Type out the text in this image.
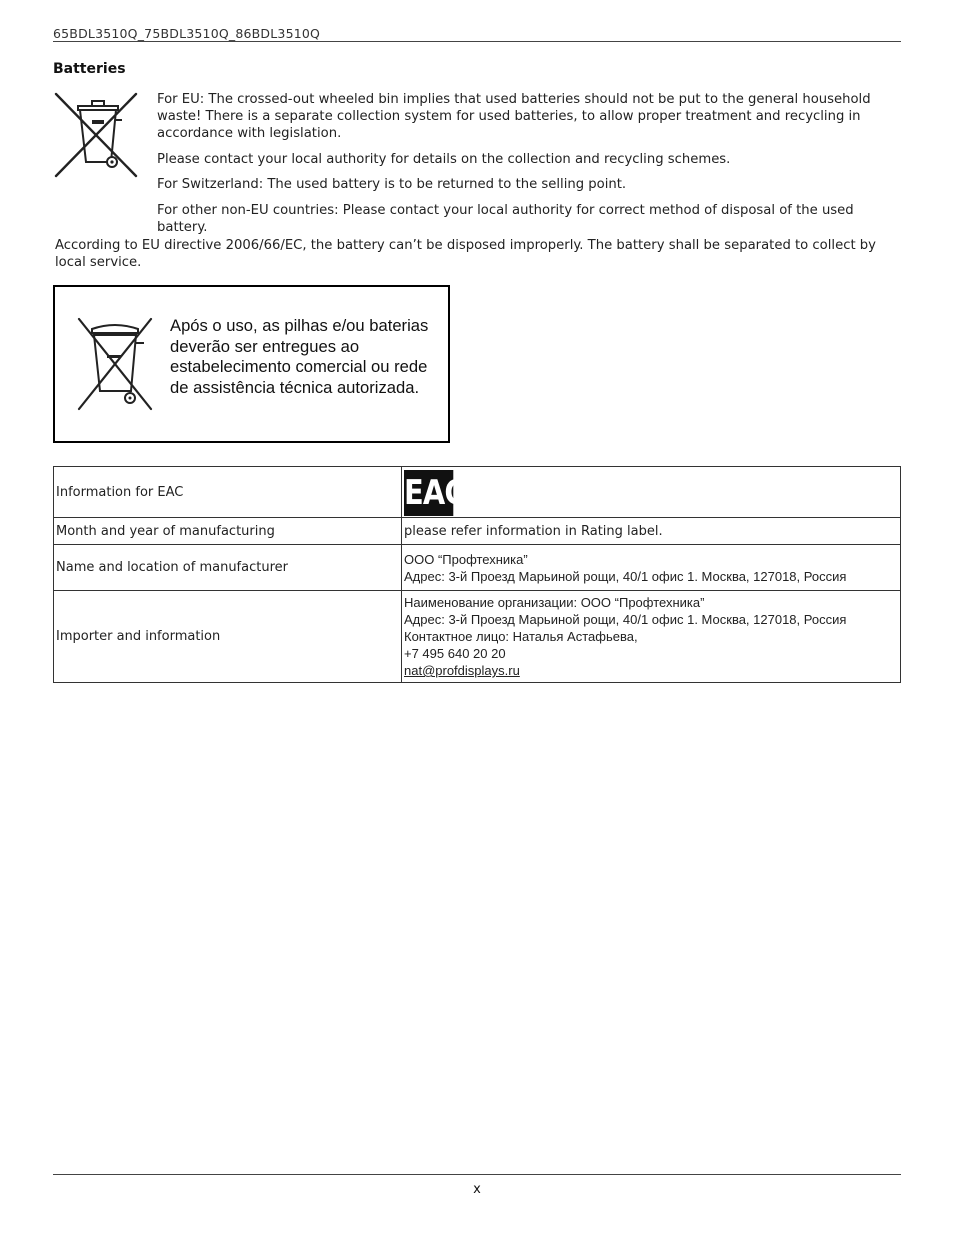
65BDL3510Q_75BDL3510Q_86BDL3510Q
Batteries
For EU: The crossed-out wheeled bin implies that used batteries should not be put to the general household waste! There is a separate collection system for used batteries, to allow proper treatment and recycling in accordance with legislation.
Please contact your local authority for details on the collection and recycling schemes.
For Switzerland: The used battery is to be returned to the selling point.
For other non-EU countries: Please contact your local authority for correct method of disposal of the used battery.
According to EU directive 2006/66/EC, the battery can’t be disposed improperly. The battery shall be separated to collect by local service.
Após o uso, as pilhas e/ou baterias deverão ser entregues ao estabelecimento comercial ou rede de assistência técnica autorizada.
Information for EAC	EAC
Month and year of manufacturing	please refer information in Rating label.
Name and location of manufacturer	ООО “Профтехника”
Адрес: 3-й Проезд Марьиной рощи, 40/1 офис 1. Москва, 127018, Россия

Importer and information	Наименование организации: ООО “Профтехника”
Адрес: 3-й Проезд Марьиной рощи, 40/1 офис 1. Москва, 127018, Россия
Контактное лицо: Наталья Астафьева,
+7 495 640 20 20
nat@profdisplays.ru
x
